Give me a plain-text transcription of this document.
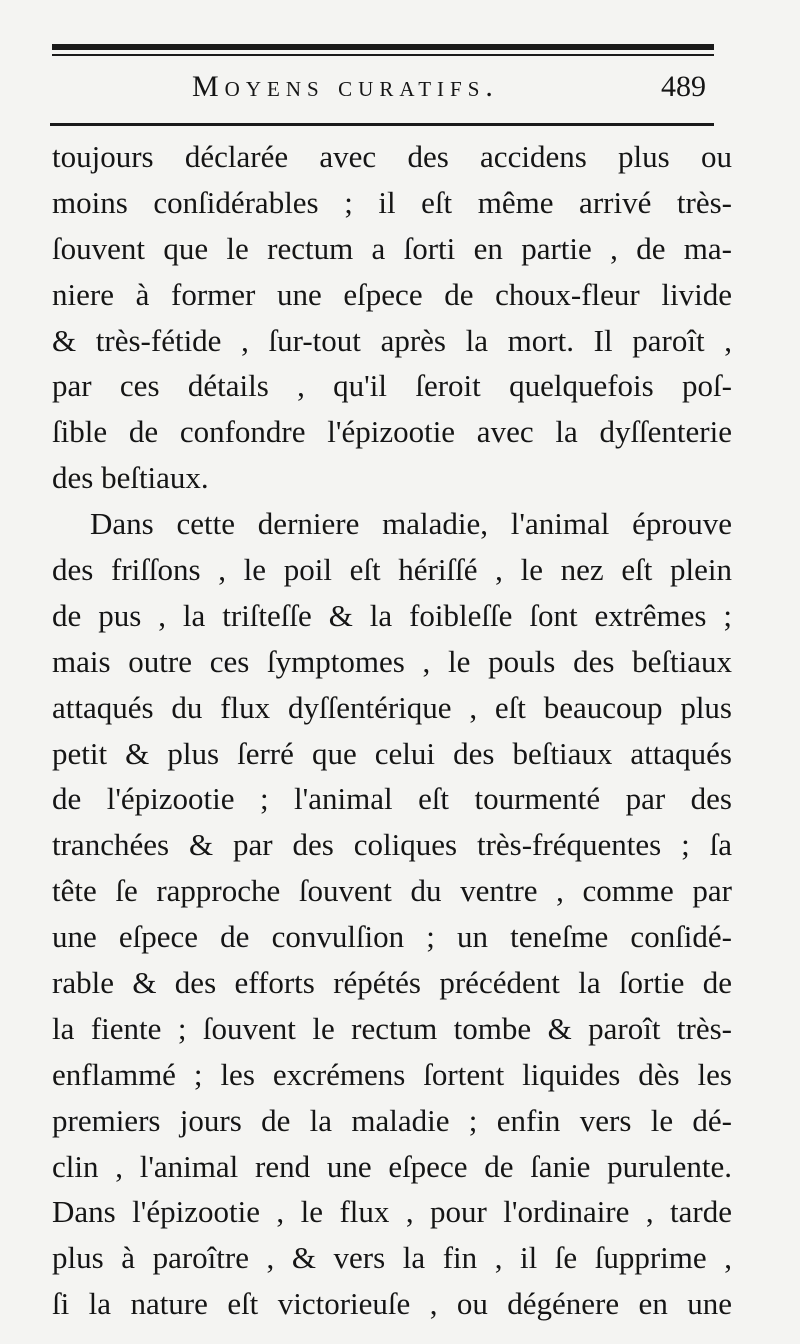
Moyens curatifs.	489
toujours déclarée avec des accidens plus ou
moins conſidérables ; il eſt même arrivé très-
ſouvent que le rectum a ſorti en partie , de ma-
niere à former une eſpece de choux-fleur livide
& très-fétide , ſur-tout après la mort. Il paroît ,
par ces détails , qu'il ſeroit quelquefois poſ-
ſible de confondre l'épizootie avec la dyſſenterie
des beſtiaux.
Dans cette derniere maladie, l'animal éprouve
des friſſons , le poil eſt hériſſé , le nez eſt plein
de pus , la triſteſſe & la foibleſſe ſont extrêmes ;
mais outre ces ſymptomes , le pouls des beſtiaux
attaqués du flux dyſſentérique , eſt beaucoup plus
petit & plus ſerré que celui des beſtiaux attaqués
de l'épizootie ; l'animal eſt tourmenté par des
tranchées & par des coliques très-fréquentes ; ſa
tête ſe rapproche ſouvent du ventre , comme par
une eſpece de convulſion ; un teneſme conſidé-
rable & des efforts répétés précédent la ſortie de
la fiente ; ſouvent le rectum tombe & paroît très-
enflammé ; les excrémens ſortent liquides dès les
premiers jours de la maladie ; enfin vers le dé-
clin , l'animal rend une eſpece de ſanie purulente.
Dans l'épizootie , le flux , pour l'ordinaire , tarde
plus à paroître , & vers la fin , il ſe ſupprime ,
ſi la nature eſt victorieuſe , ou dégénere en une
